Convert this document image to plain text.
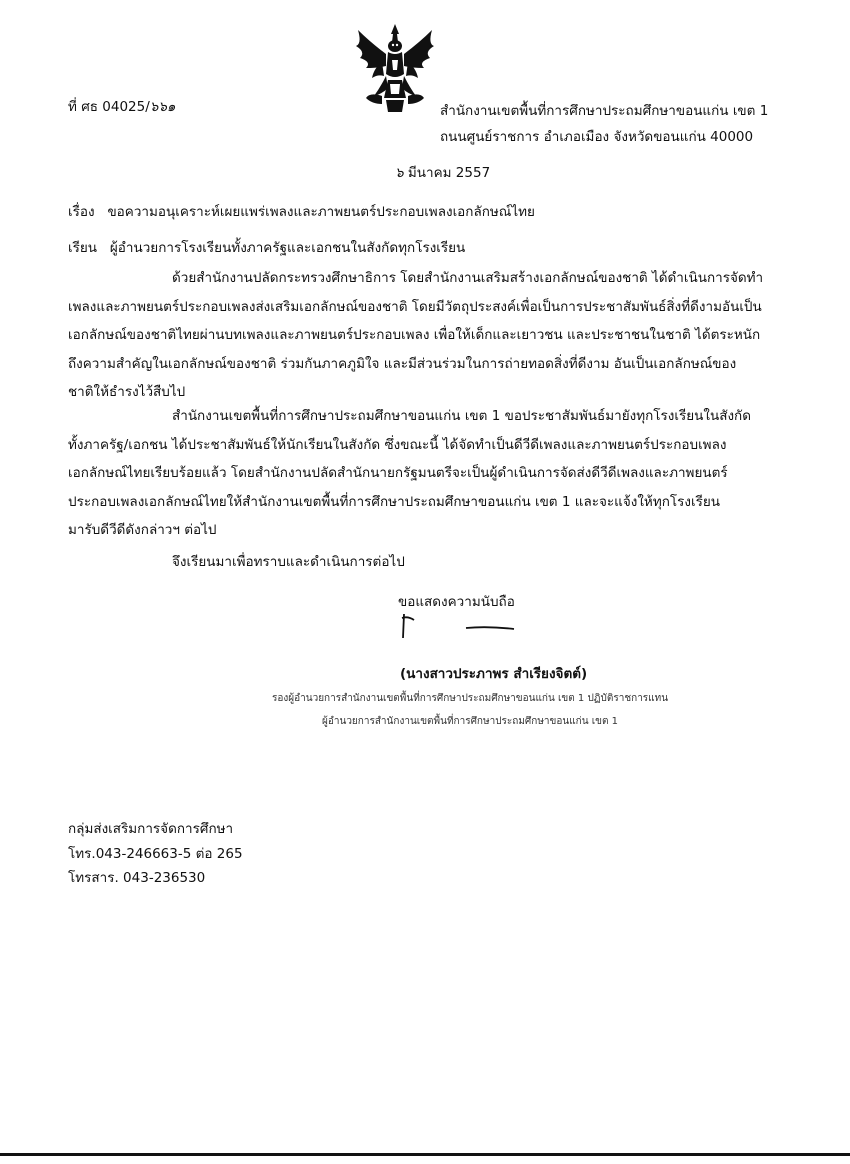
ที่ ศธ 04025/๖๖๑	สำนักงานเขตพื้นที่การศึกษาประถมศึกษาขอนแก่น เขต 1
ถนนศูนย์ราชการ อำเภอเมือง จังหวัดขอนแก่น 40000
๖ มีนาคม 2557
เรื่อง ขอความอนุเคราะห์เผยแพร่เพลงและภาพยนตร์ประกอบเพลงเอกลักษณ์ไทย
เรียน ผู้อำนวยการโรงเรียนทั้งภาครัฐและเอกชนในสังกัดทุกโรงเรียน
ด้วยสำนักงานปลัดกระทรวงศึกษาธิการ โดยสำนักงานเสริมสร้างเอกลักษณ์ของชาติ ได้ดำเนินการจัดทำ
เพลงและภาพยนตร์ประกอบเพลงส่งเสริมเอกลักษณ์ของชาติ โดยมีวัตถุประสงค์เพื่อเป็นการประชาสัมพันธ์สิ่งที่ดีงามอันเป็น
เอกลักษณ์ของชาติไทยผ่านบทเพลงและภาพยนตร์ประกอบเพลง เพื่อให้เด็กและเยาวชน และประชาชนในชาติ ได้ตระหนัก
ถึงความสำคัญในเอกลักษณ์ของชาติ ร่วมกันภาคภูมิใจ และมีส่วนร่วมในการถ่ายทอดสิ่งที่ดีงาม อันเป็นเอกลักษณ์ของ
ชาติให้ธำรงไว้สืบไป
สำนักงานเขตพื้นที่การศึกษาประถมศึกษาขอนแก่น เขต 1 ขอประชาสัมพันธ์มายังทุกโรงเรียนในสังกัด
ทั้งภาครัฐ/เอกชน ได้ประชาสัมพันธ์ให้นักเรียนในสังกัด ซึ่งขณะนี้ ได้จัดทำเป็นดีวีดีเพลงและภาพยนตร์ประกอบเพลง
เอกลักษณ์ไทยเรียบร้อยแล้ว โดยสำนักงานปลัดสำนักนายกรัฐมนตรีจะเป็นผู้ดำเนินการจัดส่งดีวีดีเพลงและภาพยนตร์
ประกอบเพลงเอกลักษณ์ไทยให้สำนักงานเขตพื้นที่การศึกษาประถมศึกษาขอนแก่น เขต 1 และจะแจ้งให้ทุกโรงเรียน
มารับดีวีดีดังกล่าวฯ ต่อไป
จึงเรียนมาเพื่อทราบและดำเนินการต่อไป
ขอแสดงความนับถือ
(นางสาวประภาพร สำเรียงจิตต์)
รองผู้อำนวยการสำนักงานเขตพื้นที่การศึกษาประถมศึกษาขอนแก่น เขต 1 ปฏิบัติราชการแทน
ผู้อำนวยการสำนักงานเขตพื้นที่การศึกษาประถมศึกษาขอนแก่น เขต 1
กลุ่มส่งเสริมการจัดการศึกษา
โทร.043-246663-5 ต่อ 265
โทรสาร. 043-236530
